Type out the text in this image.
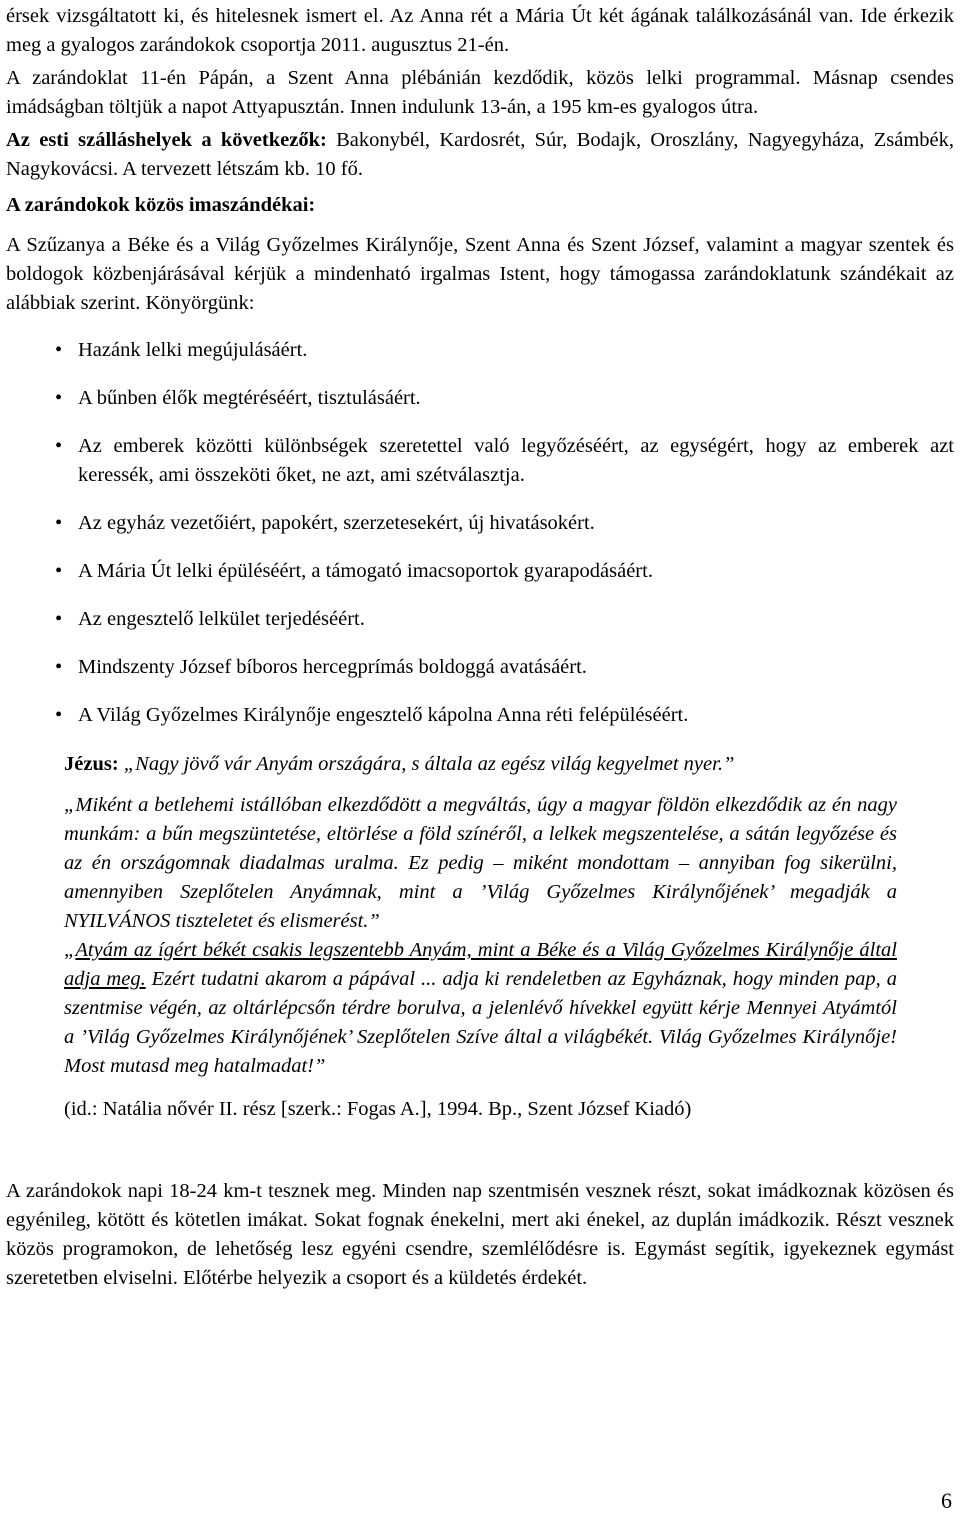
érsek vizsgáltatott ki, és hitelesnek ismert el. Az Anna rét a Mária Út két ágának találkozásánál van. Ide érkezik meg a gyalogos zarándokok csoportja 2011. augusztus 21-én.

A zarándoklat 11-én Pápán, a Szent Anna plébánián kezdődik, közös lelki programmal. Másnap csendes imádságban töltjük a napot Attyapusztán. Innen indulunk 13-án, a 195 km-es gyalogos útra.

Az esti szálláshelyek a következők: Bakonybél, Kardosrét, Súr, Bodajk, Oroszlány, Nagyegyháza, Zsámbék, Nagykovácsi. A tervezett létszám kb. 10 fő.

A zarándokok közös imaszándékai:

A Szűzanya a Béke és a Világ Győzelmes Királynője, Szent Anna és Szent József, valamint a magyar szentek és boldogok közbenjárásával kérjük a mindenható irgalmas Istent, hogy támogassa zarándoklatunk szándékait az alábbiak szerint. Könyörgünk:

• Hazánk lelki megújulásáért.
• A bűnben élők megtéréséért, tisztulásáért.
• Az emberek közötti különbségek szeretettel való legyőzéséért, az egységért, hogy az emberek azt keressék, ami összeköti őket, ne azt, ami szétválasztja.
• Az egyház vezetőiért, papokért, szerzetesekért, új hivatásokért.
• A Mária Út lelki épüléséért, a támogató imacsoportok gyarapodásáért.
• Az engesztelő lelkület terjedéséért.
• Mindszenty József bíboros hercegprímás boldoggá avatásáért.
• A Világ Győzelmes Királynője engesztelő kápolna Anna réti felépüléséért.

Jézus: „Nagy jövő vár Anyám országára, s általa az egész világ kegyelmet nyer.”

„Miként a betlehemi istállóban elkezdődött a megváltás, úgy a magyar földön elkezdődik az én nagy munkám: a bűn megszüntetése, eltörlése a föld színéről, a lelkek megszentelése, a sátán legyőzése és az én országomnak diadalmas uralma. Ez pedig – miként mondottam – annyiban fog sikerülni, amennyiben Szeplőtelen Anyámnak, mint a ’Világ Győzelmes Királynőjének’ megadják a NYILVÁNOS tiszteletet és elismerést.”

„Atyám az ígért békét csakis legszentebb Anyám, mint a Béke és a Világ Győzelmes Királynője által adja meg. Ezért tudatni akarom a pápával ... adja ki rendeletben az Egyháznak, hogy minden pap, a szentmise végén, az oltárlépcsőn térdre borulva, a jelenlévő hívekkel együtt kérje Mennyei Atyámtól a ’Világ Győzelmes Királynőjének’ Szeplőtelen Szíve által a világbékét. Világ Győzelmes Királynője! Most mutasd meg hatalmadat!”

(id.: Natália nővér II. rész [szerk.: Fogas A.], 1994. Bp., Szent József Kiadó)

A zarándokok napi 18-24 km-t tesznek meg. Minden nap szentmisén vesznek részt, sokat imádkoznak közösen és egyénileg, kötött és kötetlen imákat. Sokat fognak énekelni, mert aki énekel, az duplán imádkozik. Részt vesznek közös programokon, de lehetőség lesz egyéni csendre, szemlélődésre is. Egymást segítik, igyekeznek egymást szeretetben elviselni. Előtérbe helyezik a csoport és a küldetés érdekét.

6
